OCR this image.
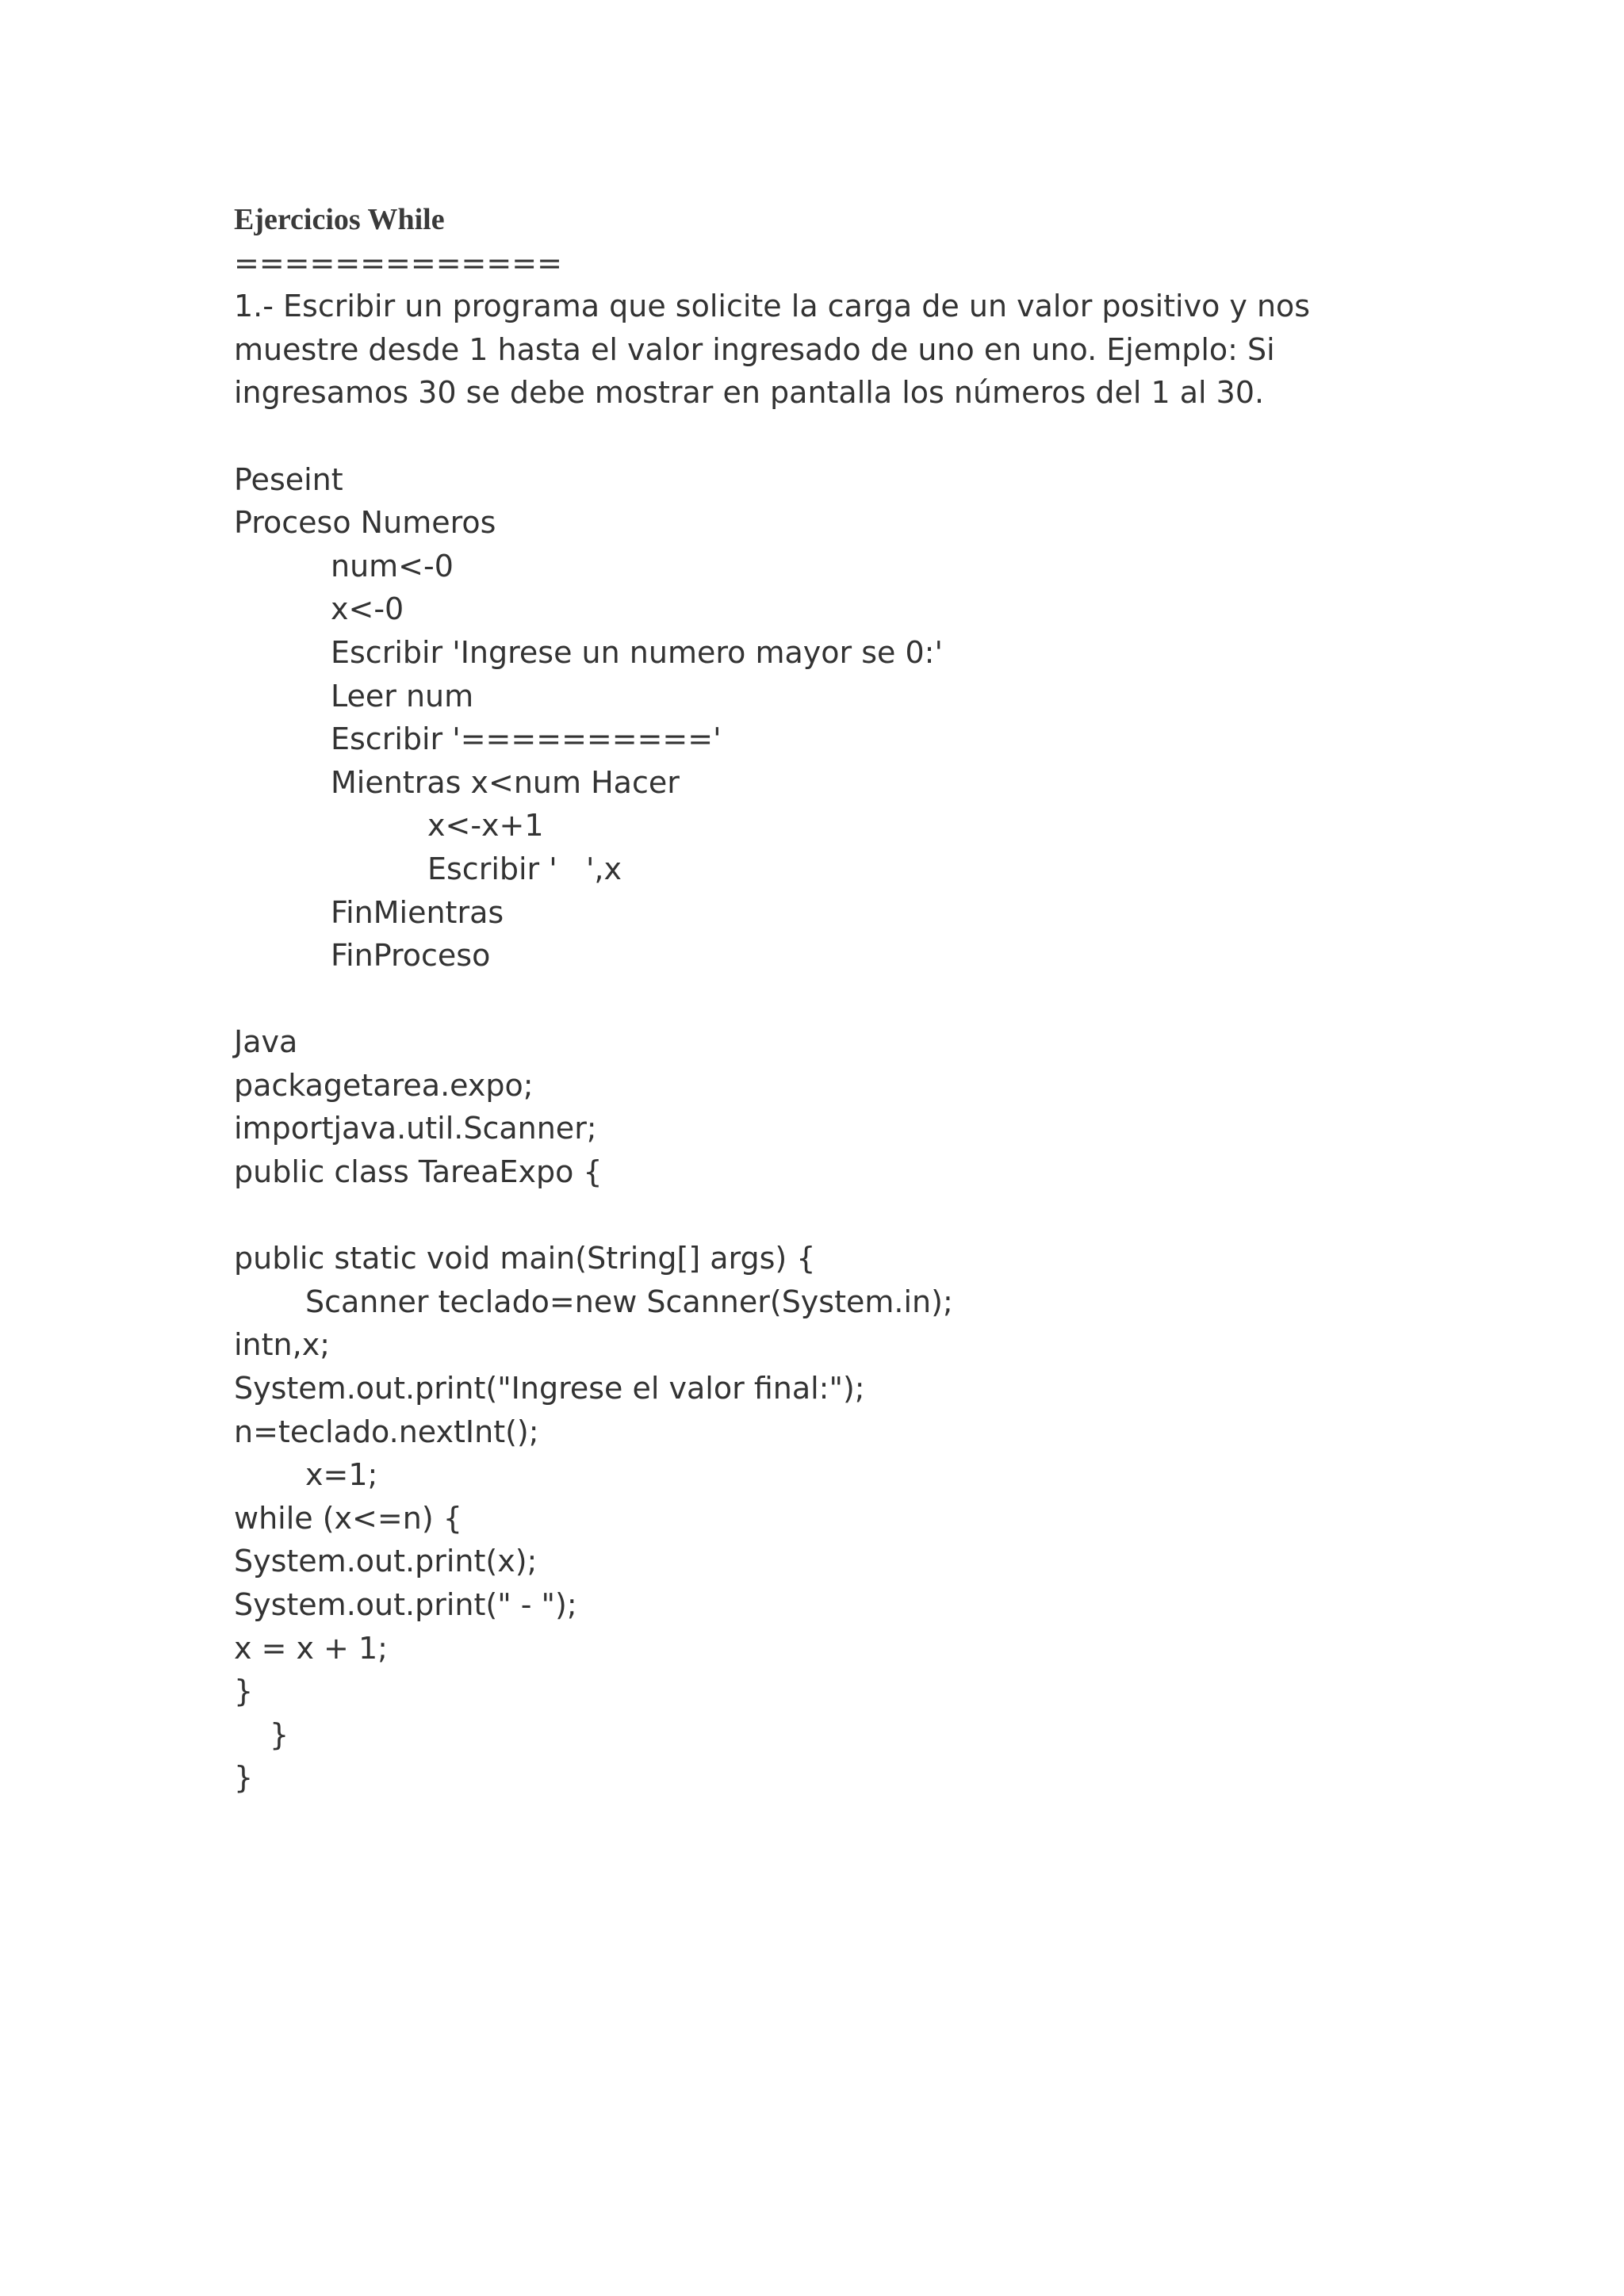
Ejercicios While
=============
1.- Escribir un programa que solicite la carga de un valor positivo y nos muestre desde 1 hasta el valor ingresado de uno en uno. Ejemplo: Si ingresamos 30 se debe mostrar en pantalla los números del 1 al 30.
Peseint
Proceso Numeros
num<-0
x<-0
Escribir 'Ingrese un numero mayor se 0:'
Leer num
Escribir '=========='
Mientras x<num Hacer
x<-x+1
Escribir '   ',x
FinMientras
FinProceso
Java
packagetarea.expo;
importjava.util.Scanner;
public class TareaExpo {
public static void main(String[] args) {
Scanner teclado=new Scanner(System.in);
intn,x;
System.out.print("Ingrese el valor final:");
n=teclado.nextInt();
x=1;
while (x<=n) {
System.out.print(x);
System.out.print(" - ");
x = x + 1;
}
}
}
